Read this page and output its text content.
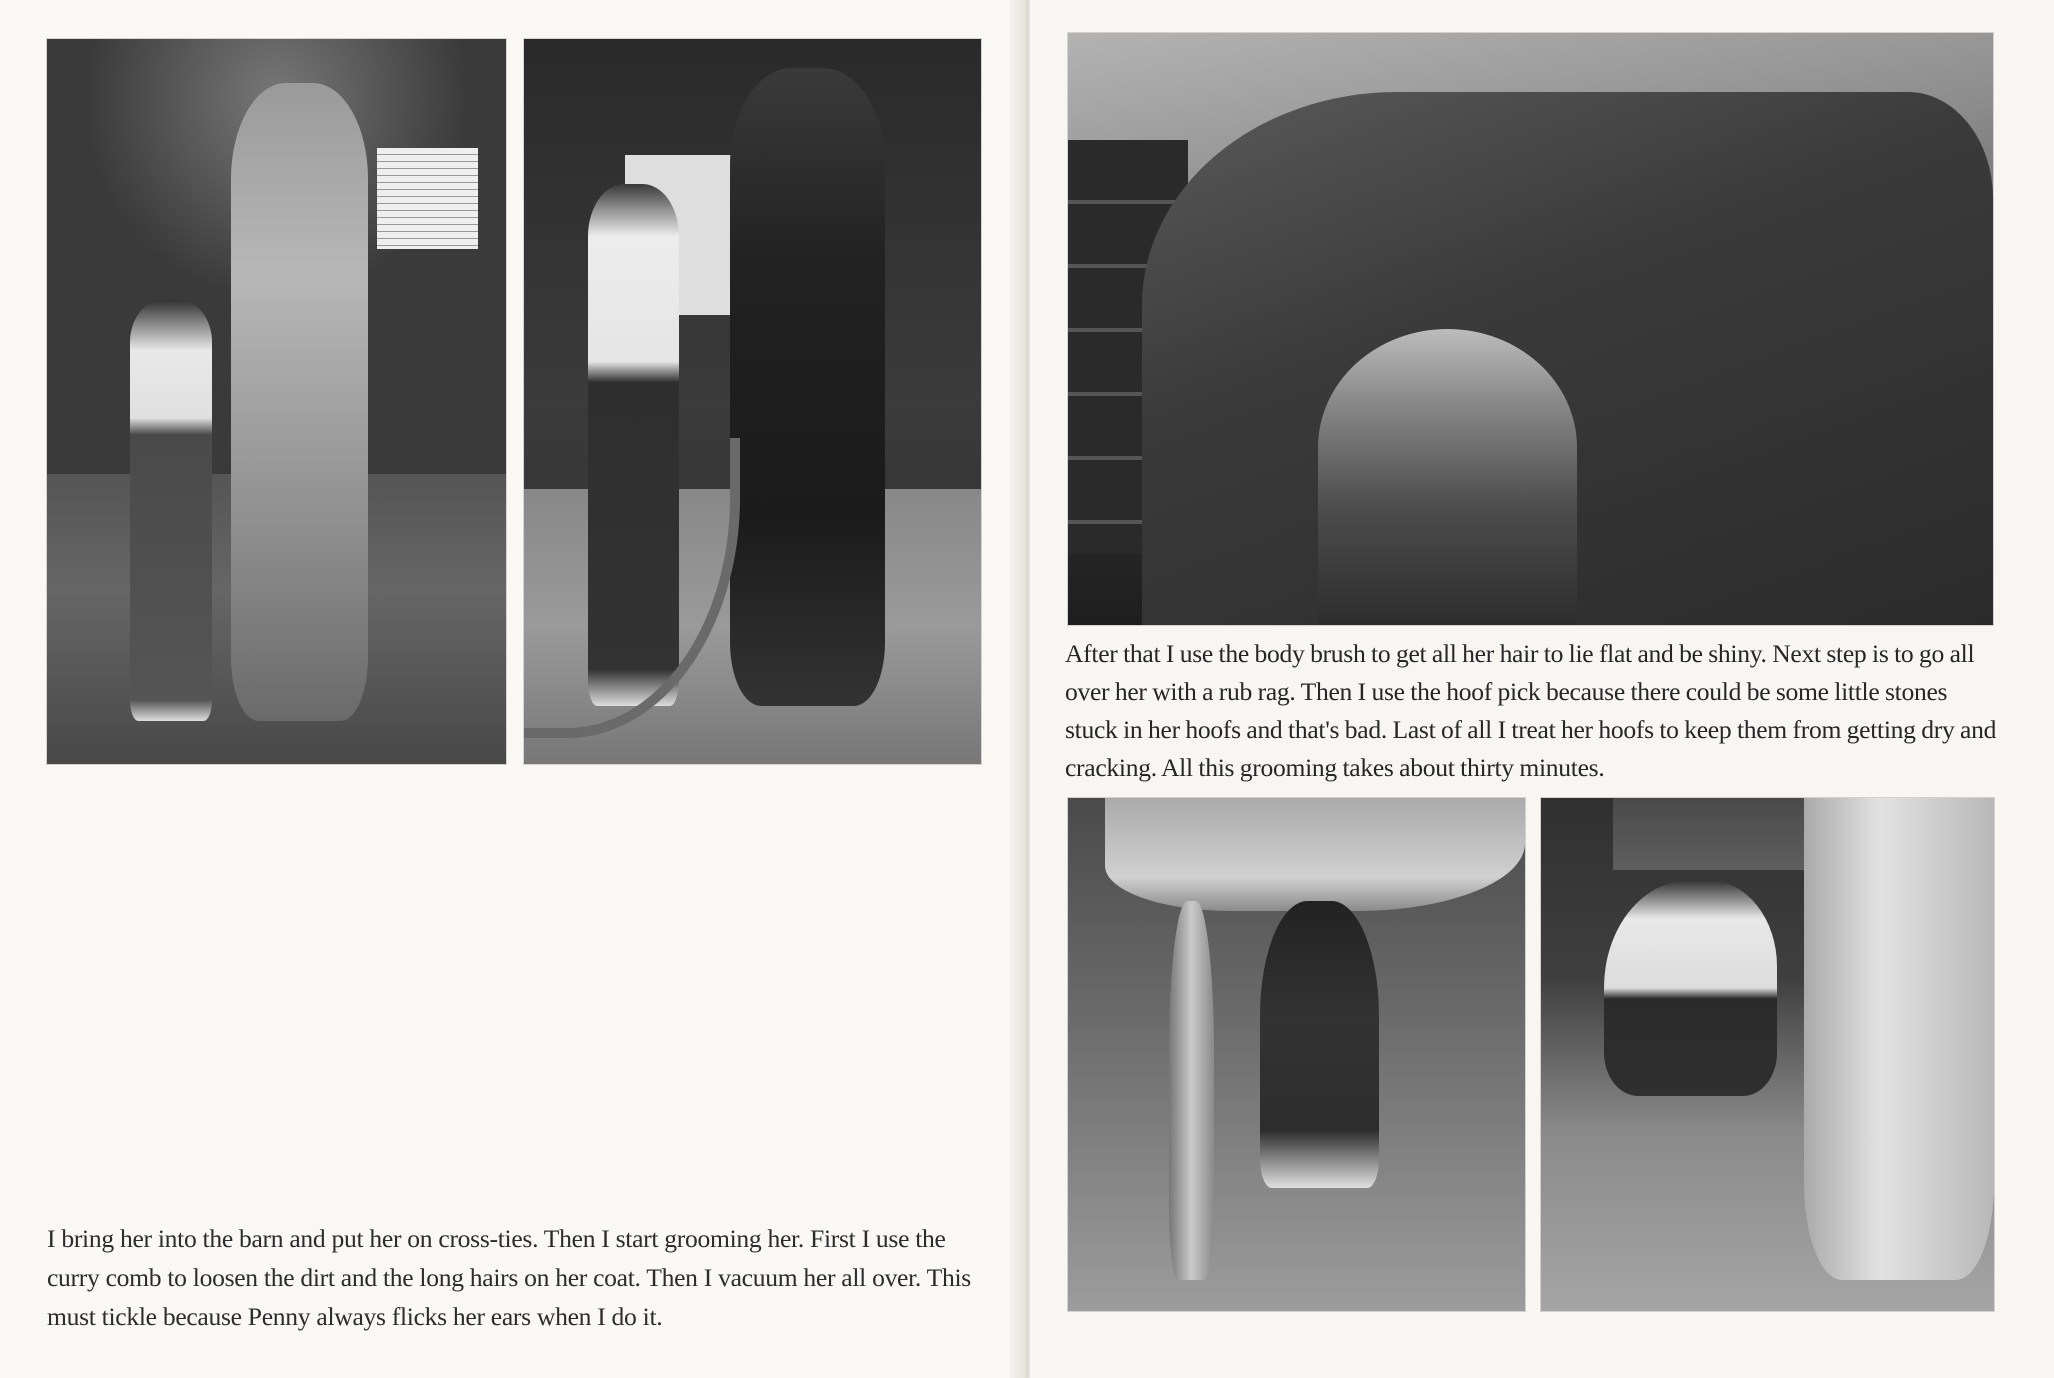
I bring her into the barn and put her on cross-ties. Then I start grooming her. First I use the curry comb to loosen the dirt and the long hairs on her coat. Then I vacuum her all over. This must tickle because Penny always flicks her ears when I do it.

After that I use the body brush to get all her hair to lie flat and be shiny. Next step is to go all over her with a rub rag. Then I use the hoof pick because there could be some little stones stuck in her hoofs and that's bad. Last of all I treat her hoofs to keep them from getting dry and cracking. All this grooming takes about thirty minutes.
